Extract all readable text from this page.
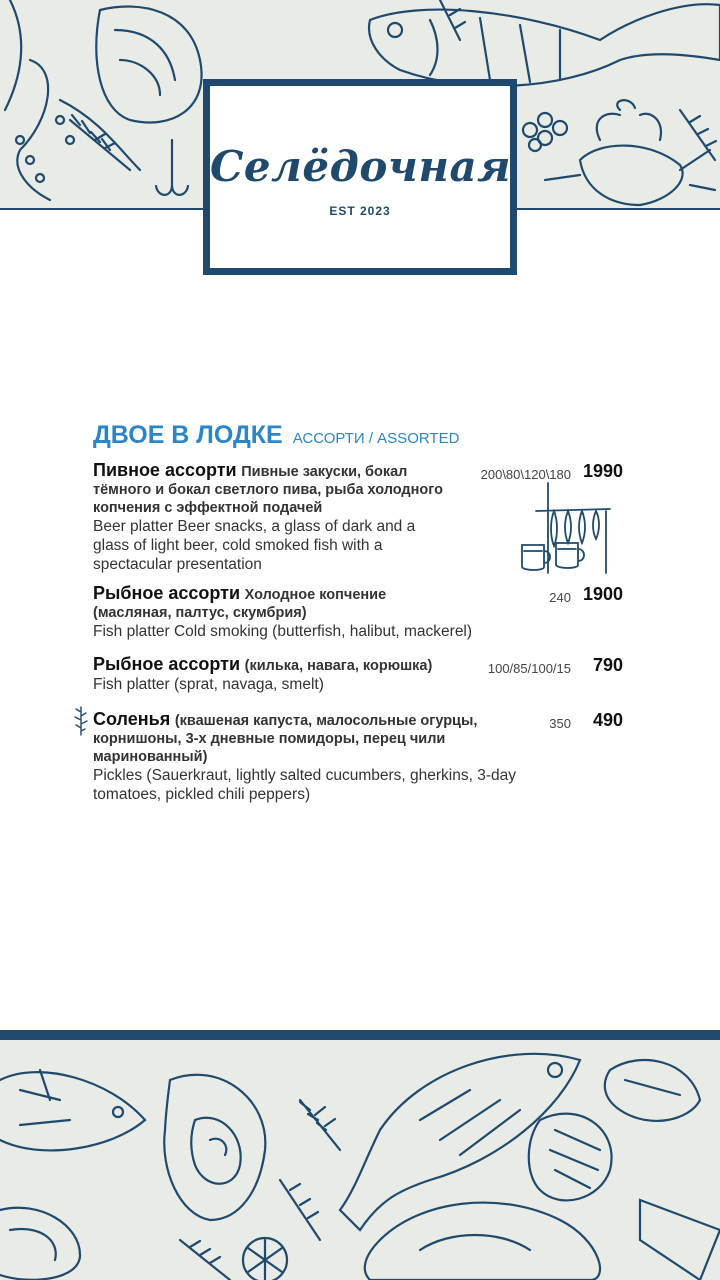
Селёдочная
EST 2023
ДВОЕ В ЛОДКЕ АССОРТИ / ASSORTED
Пивное ассорти Пивные закуски, бокал тёмного и бокал светлого пива, рыба холодного копчения с эффектной подачей
Beer platter Beer snacks, a glass of dark and a glass of light beer, cold smoked fish with a spectacular presentation
200\80\120\180 1990
Рыбное ассорти Холодное копчение (масляная, палтус, скумбрия)
Fish platter Cold smoking (butterfish, halibut, mackerel)
240 1900
Рыбное ассорти (килька, навага, корюшка)
Fish platter (sprat, navaga, smelt)
100/85/100/15 790
Соленья (квашеная капуста, малосольные огурцы, корнишоны, 3-х дневные помидоры, перец чили маринованный)
Pickles (Sauerkraut, lightly salted cucumbers, gherkins, 3-day tomatoes, pickled chili peppers)
350 490
